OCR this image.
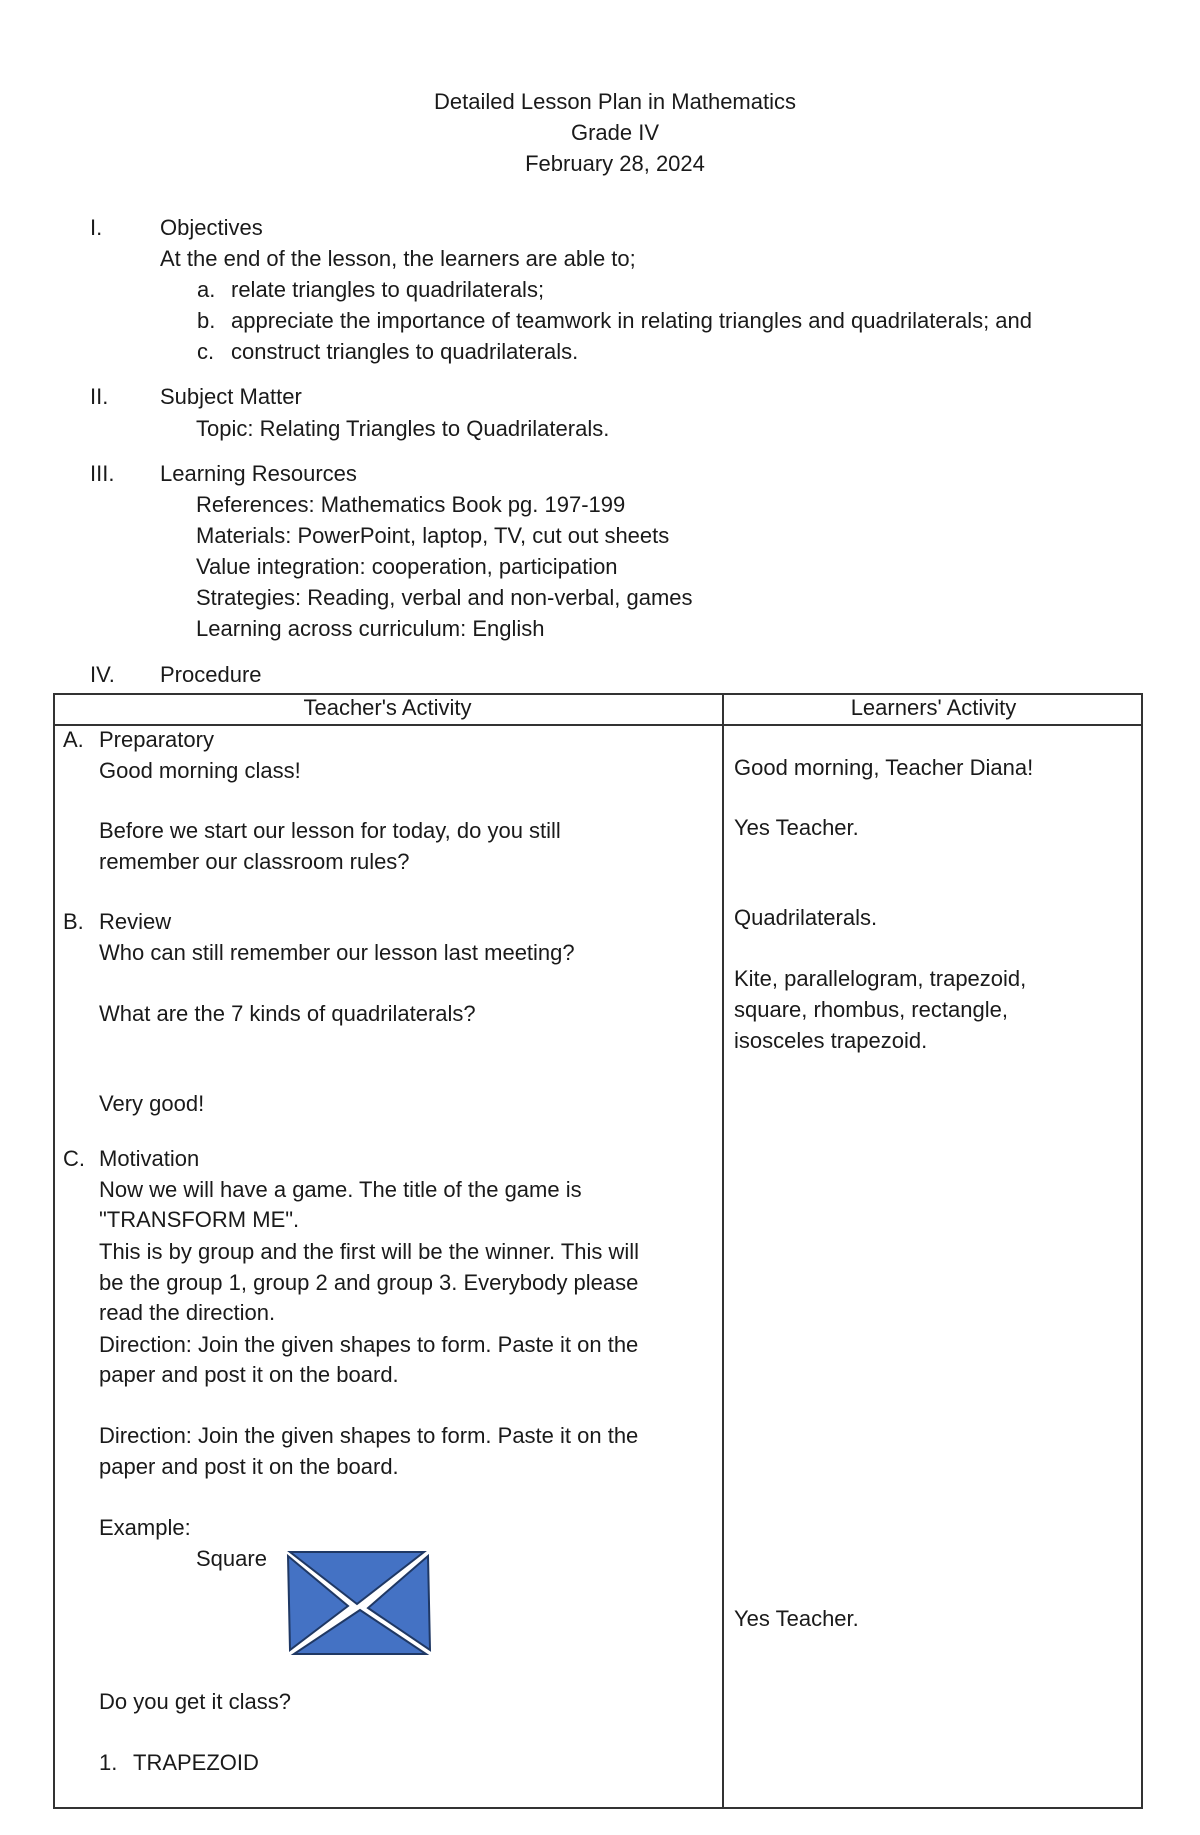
Detailed Lesson Plan in Mathematics
Grade IV
February 28, 2024
I.	Objectives
At the end of the lesson, the learners are able to;
a. relate triangles to quadrilaterals;
b. appreciate the importance of teamwork in relating triangles and quadrilaterals; and
c. construct triangles to quadrilaterals.
II. Subject Matter
Topic: Relating Triangles to Quadrilaterals.
III. Learning Resources
References: Mathematics Book pg. 197-199
Materials: PowerPoint, laptop, TV, cut out sheets
Value integration: cooperation, participation
Strategies: Reading, verbal and non-verbal, games
Learning across curriculum: English
IV. Procedure
Teacher's Activity	Learners' Activity
A. Preparatory
Good morning class!
Before we start our lesson for today, do you still
remember our classroom rules?
B. Review
Who can still remember our lesson last meeting?
What are the 7 kinds of quadrilaterals?
Very good!
C. Motivation
Now we will have a game. The title of the game is
"TRANSFORM ME".
This is by group and the first will be the winner. This will
be the group 1, group 2 and group 3. Everybody please
read the direction.
Direction: Join the given shapes to form. Paste it on the
paper and post it on the board.
Direction: Join the given shapes to form. Paste it on the
paper and post it on the board.
Example:
Square
Do you get it class?
1. TRAPEZOID
Good morning, Teacher Diana!
Yes Teacher.
Quadrilaterals.
Kite, parallelogram, trapezoid,
square, rhombus, rectangle,
isosceles trapezoid.
Yes Teacher.
